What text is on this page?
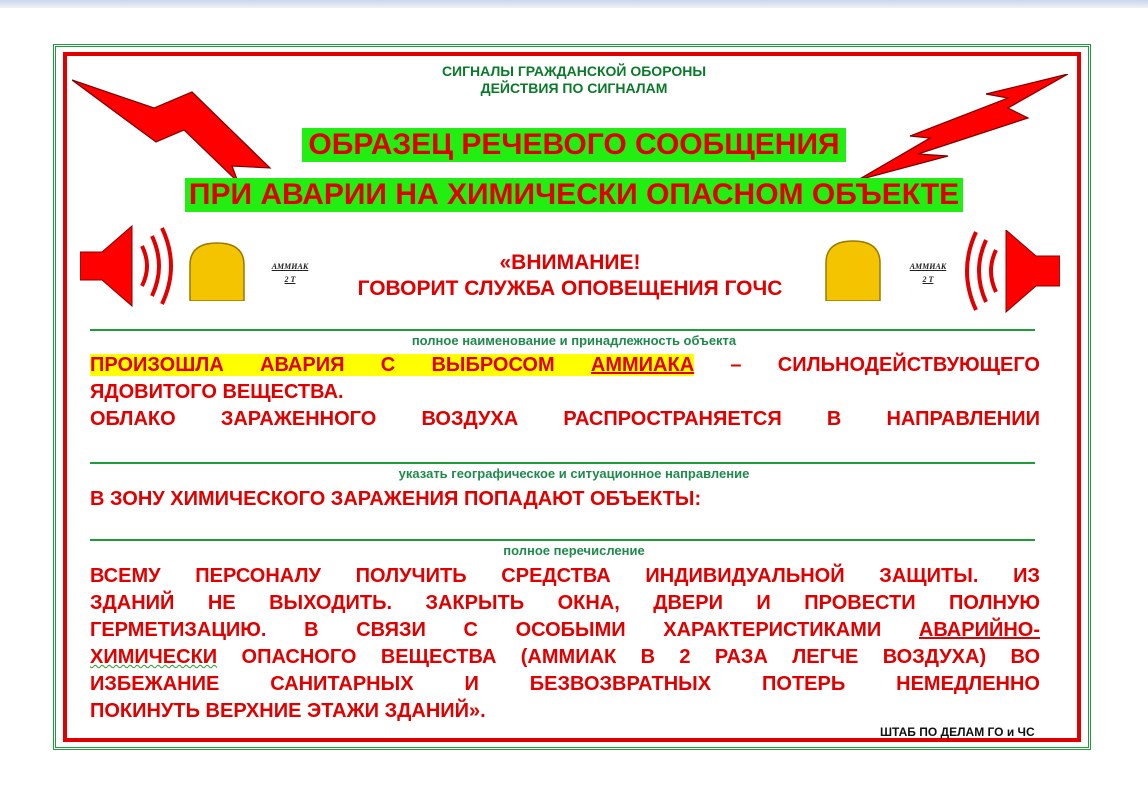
СИГНАЛЫ ГРАЖДАНСКОЙ ОБОРОНЫ
ДЕЙСТВИЯ ПО СИГНАЛАМ
ОБРАЗЕЦ РЕЧЕВОГО СООБЩЕНИЯ
ПРИ АВАРИИ НА ХИМИЧЕСКИ ОПАСНОМ ОБЪЕКТЕ
АММИАК
2 Т
АММИАК
2 Т
«ВНИМАНИЕ!
ГОВОРИТ СЛУЖБА ОПОВЕЩЕНИЯ ГОЧС
полное наименование и принадлежность объекта
ПРОИЗОШЛА АВАРИЯ С ВЫБРОСОМ АММИАКА – СИЛЬНОДЕЙСТВУЮЩЕГО
ЯДОВИТОГО ВЕЩЕСТВА.
ОБЛАКО ЗАРАЖЕННОГО ВОЗДУХА РАСПРОСТРАНЯЕТСЯ В НАПРАВЛЕНИИ
указать географическое и ситуационное направление
В ЗОНУ ХИМИЧЕСКОГО ЗАРАЖЕНИЯ ПОПАДАЮТ ОБЪЕКТЫ:
полное перечисление
ВСЕМУ ПЕРСОНАЛУ ПОЛУЧИТЬ СРЕДСТВА ИНДИВИДУАЛЬНОЙ ЗАЩИТЫ. ИЗ
ЗДАНИЙ НЕ ВЫХОДИТЬ. ЗАКРЫТЬ ОКНА, ДВЕРИ И ПРОВЕСТИ ПОЛНУЮ
ГЕРМЕТИЗАЦИЮ. В СВЯЗИ С ОСОБЫМИ ХАРАКТЕРИСТИКАМИ АВАРИЙНО-
ХИМИЧЕСКИ ОПАСНОГО ВЕЩЕСТВА (АММИАК В 2 РАЗА ЛЕГЧЕ ВОЗДУХА) ВО
ИЗБЕЖАНИЕ САНИТАРНЫХ И БЕЗВОЗВРАТНЫХ ПОТЕРЬ НЕМЕДЛЕННО
ПОКИНУТЬ ВЕРХНИЕ ЭТАЖИ ЗДАНИЙ».
ШТАБ ПО ДЕЛАМ ГО и ЧС
